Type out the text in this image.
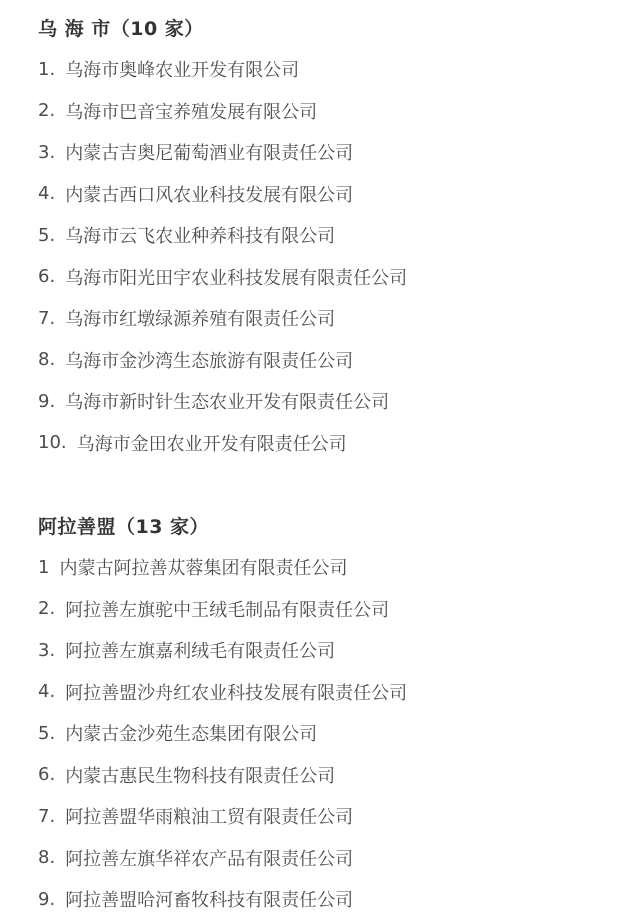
乌 海 市（10 家）
1. 乌海市奥峰农业开发有限公司
2. 乌海市巴音宝养殖发展有限公司
3. 内蒙古吉奥尼葡萄酒业有限责任公司
4. 内蒙古西口风农业科技发展有限公司
5. 乌海市云飞农业种养科技有限公司
6. 乌海市阳光田宇农业科技发展有限责任公司
7. 乌海市红墩绿源养殖有限责任公司
8. 乌海市金沙湾生态旅游有限责任公司
9. 乌海市新时针生态农业开发有限责任公司
10. 乌海市金田农业开发有限责任公司
阿拉善盟（13 家）
1 内蒙古阿拉善苁蓉集团有限责任公司
2. 阿拉善左旗驼中王绒毛制品有限责任公司
3. 阿拉善左旗嘉利绒毛有限责任公司
4. 阿拉善盟沙舟红农业科技发展有限责任公司
5. 内蒙古金沙苑生态集团有限公司
6. 内蒙古惠民生物科技有限责任公司
7. 阿拉善盟华雨粮油工贸有限责任公司
8. 阿拉善左旗华祥农产品有限责任公司
9. 阿拉善盟哈河畜牧科技有限责任公司
